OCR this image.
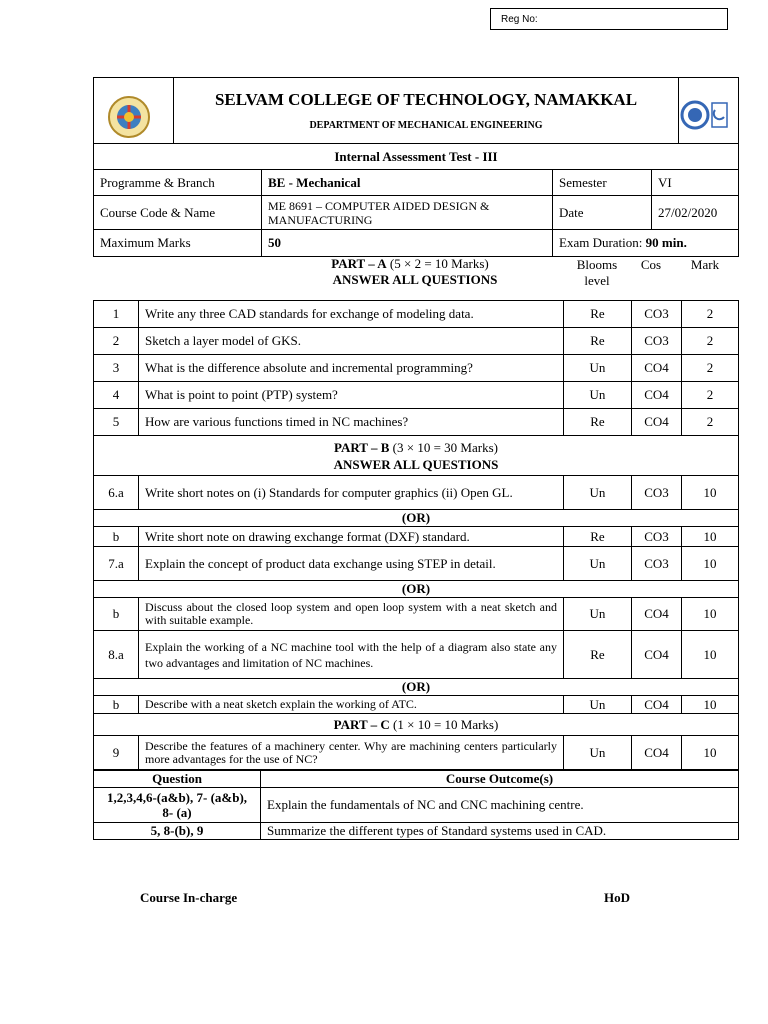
Reg No:

SELVAM COLLEGE OF TECHNOLOGY, NAMAKKAL
DEPARTMENT OF MECHANICAL ENGINEERING

Internal Assessment Test - III
Programme & Branch	BE - Mechanical	Semester	VI
Course Code & Name	ME 8691 – COMPUTER AIDED DESIGN & MANUFACTURING	Date	27/02/2020
Maximum Marks	50	Exam Duration: 90 min.	
PART – A (5 × 2 = 10 Marks)
ANSWER ALL QUESTIONS
Blooms
level
Cos	Mark
1	Write any three CAD standards for exchange of modeling data.	Re	CO3	2
2	Sketch a layer model of GKS.	Re	CO3	2
3	What is the difference absolute and incremental programming?	Un	CO4	2
4	What is point to point (PTP) system?	Un	CO4	2
5	How are various functions timed in NC machines?	Re	CO4	2
PART – B (3 × 10 = 30 Marks)
ANSWER ALL QUESTIONS				
6.a	Write short notes on (i) Standards for computer graphics (ii) Open GL.	Un	CO3	10
(OR)				
b	Write short note on drawing exchange format (DXF) standard.	Re	CO3	10
7.a	Explain the concept of product data exchange using STEP in detail.	Un	CO3	10
(OR)				
b	Discuss about the closed loop system and open loop system with a neat sketch and with suitable example.	Un	CO4	10
8.a	Explain the working of a NC machine tool with the help of a diagram also state any two advantages and limitation of NC machines.	Re	CO4	10
(OR)				
b	Describe with a neat sketch explain the working of ATC.	Un	CO4	10
PART – C (1 × 10 = 10 Marks)				
9	Describe the features of a machinery center. Why are machining centers particularly more advantages for the use of NC?	Un	CO4	10
Question	Course Outcome(s)
1,2,3,4,6-(a&b), 7- (a&b), 8- (a)	Explain the fundamentals of NC and CNC machining centre.
5, 8-(b), 9	Summarize the different types of Standard systems used in CAD.
Course In-charge	HoD
